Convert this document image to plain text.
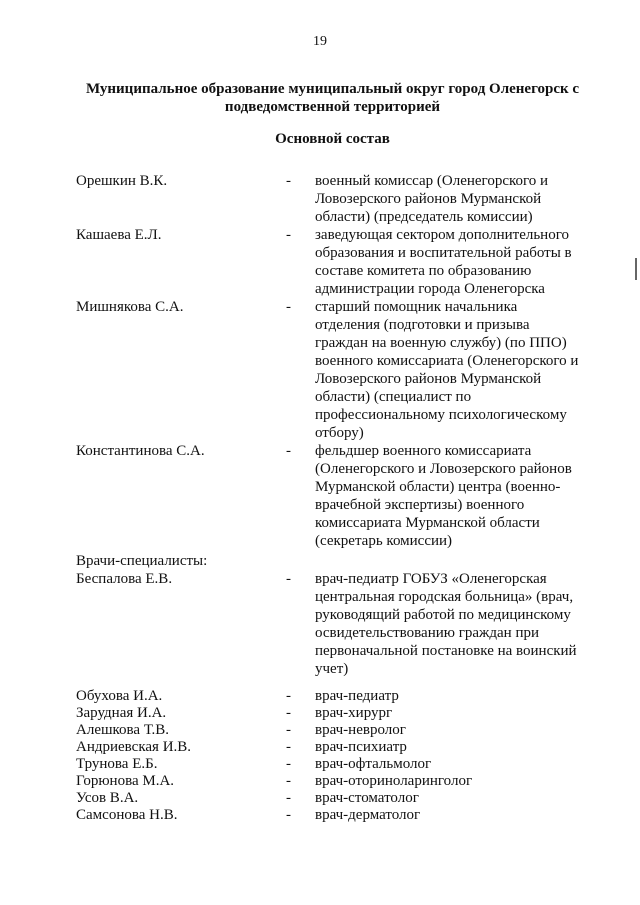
19
Муниципальное образование муниципальный округ город Оленегорск с подведомственной территорией
Основной состав
Орешкин В.К.	-	военный комиссар (Оленегорского и Ловозерского районов Мурманской области) (председатель комиссии)
Кашаева Е.Л.	-	заведующая сектором дополнительного образования и воспитательной работы в составе комитета по образованию администрации города Оленегорска
Мишнякова С.А.	-	старший помощник начальника отделения (подготовки и призыва граждан на военную службу) (по ППО) военного комиссариата (Оленегорского и Ловозерского районов Мурманской области) (специалист по профессиональному психологическому отбору)
Константинова С.А.	-	фельдшер военного комиссариата (Оленегорского и Ловозерского районов Мурманской области) центра (военно-врачебной экспертизы) военного комиссариата Мурманской области (секретарь комиссии)
Врачи-специалисты:
Беспалова Е.В.	-	врач-педиатр ГОБУЗ «Оленегорская центральная городская больница» (врач, руководящий работой по медицинскому освидетельствованию граждан при первоначальной постановке на воинский учет)
Обухова И.А.	-	врач-педиатр
Зарудная И.А.	-	врач-хирург
Алешкова Т.В.	-	врач-невролог
Андриевская И.В.	-	врач-психиатр
Трунова Е.Б.	-	врач-офтальмолог
Горюнова М.А.	-	врач-оториноларинголог
Усов В.А.	-	врач-стоматолог
Самсонова Н.В.	-	врач-дерматолог
